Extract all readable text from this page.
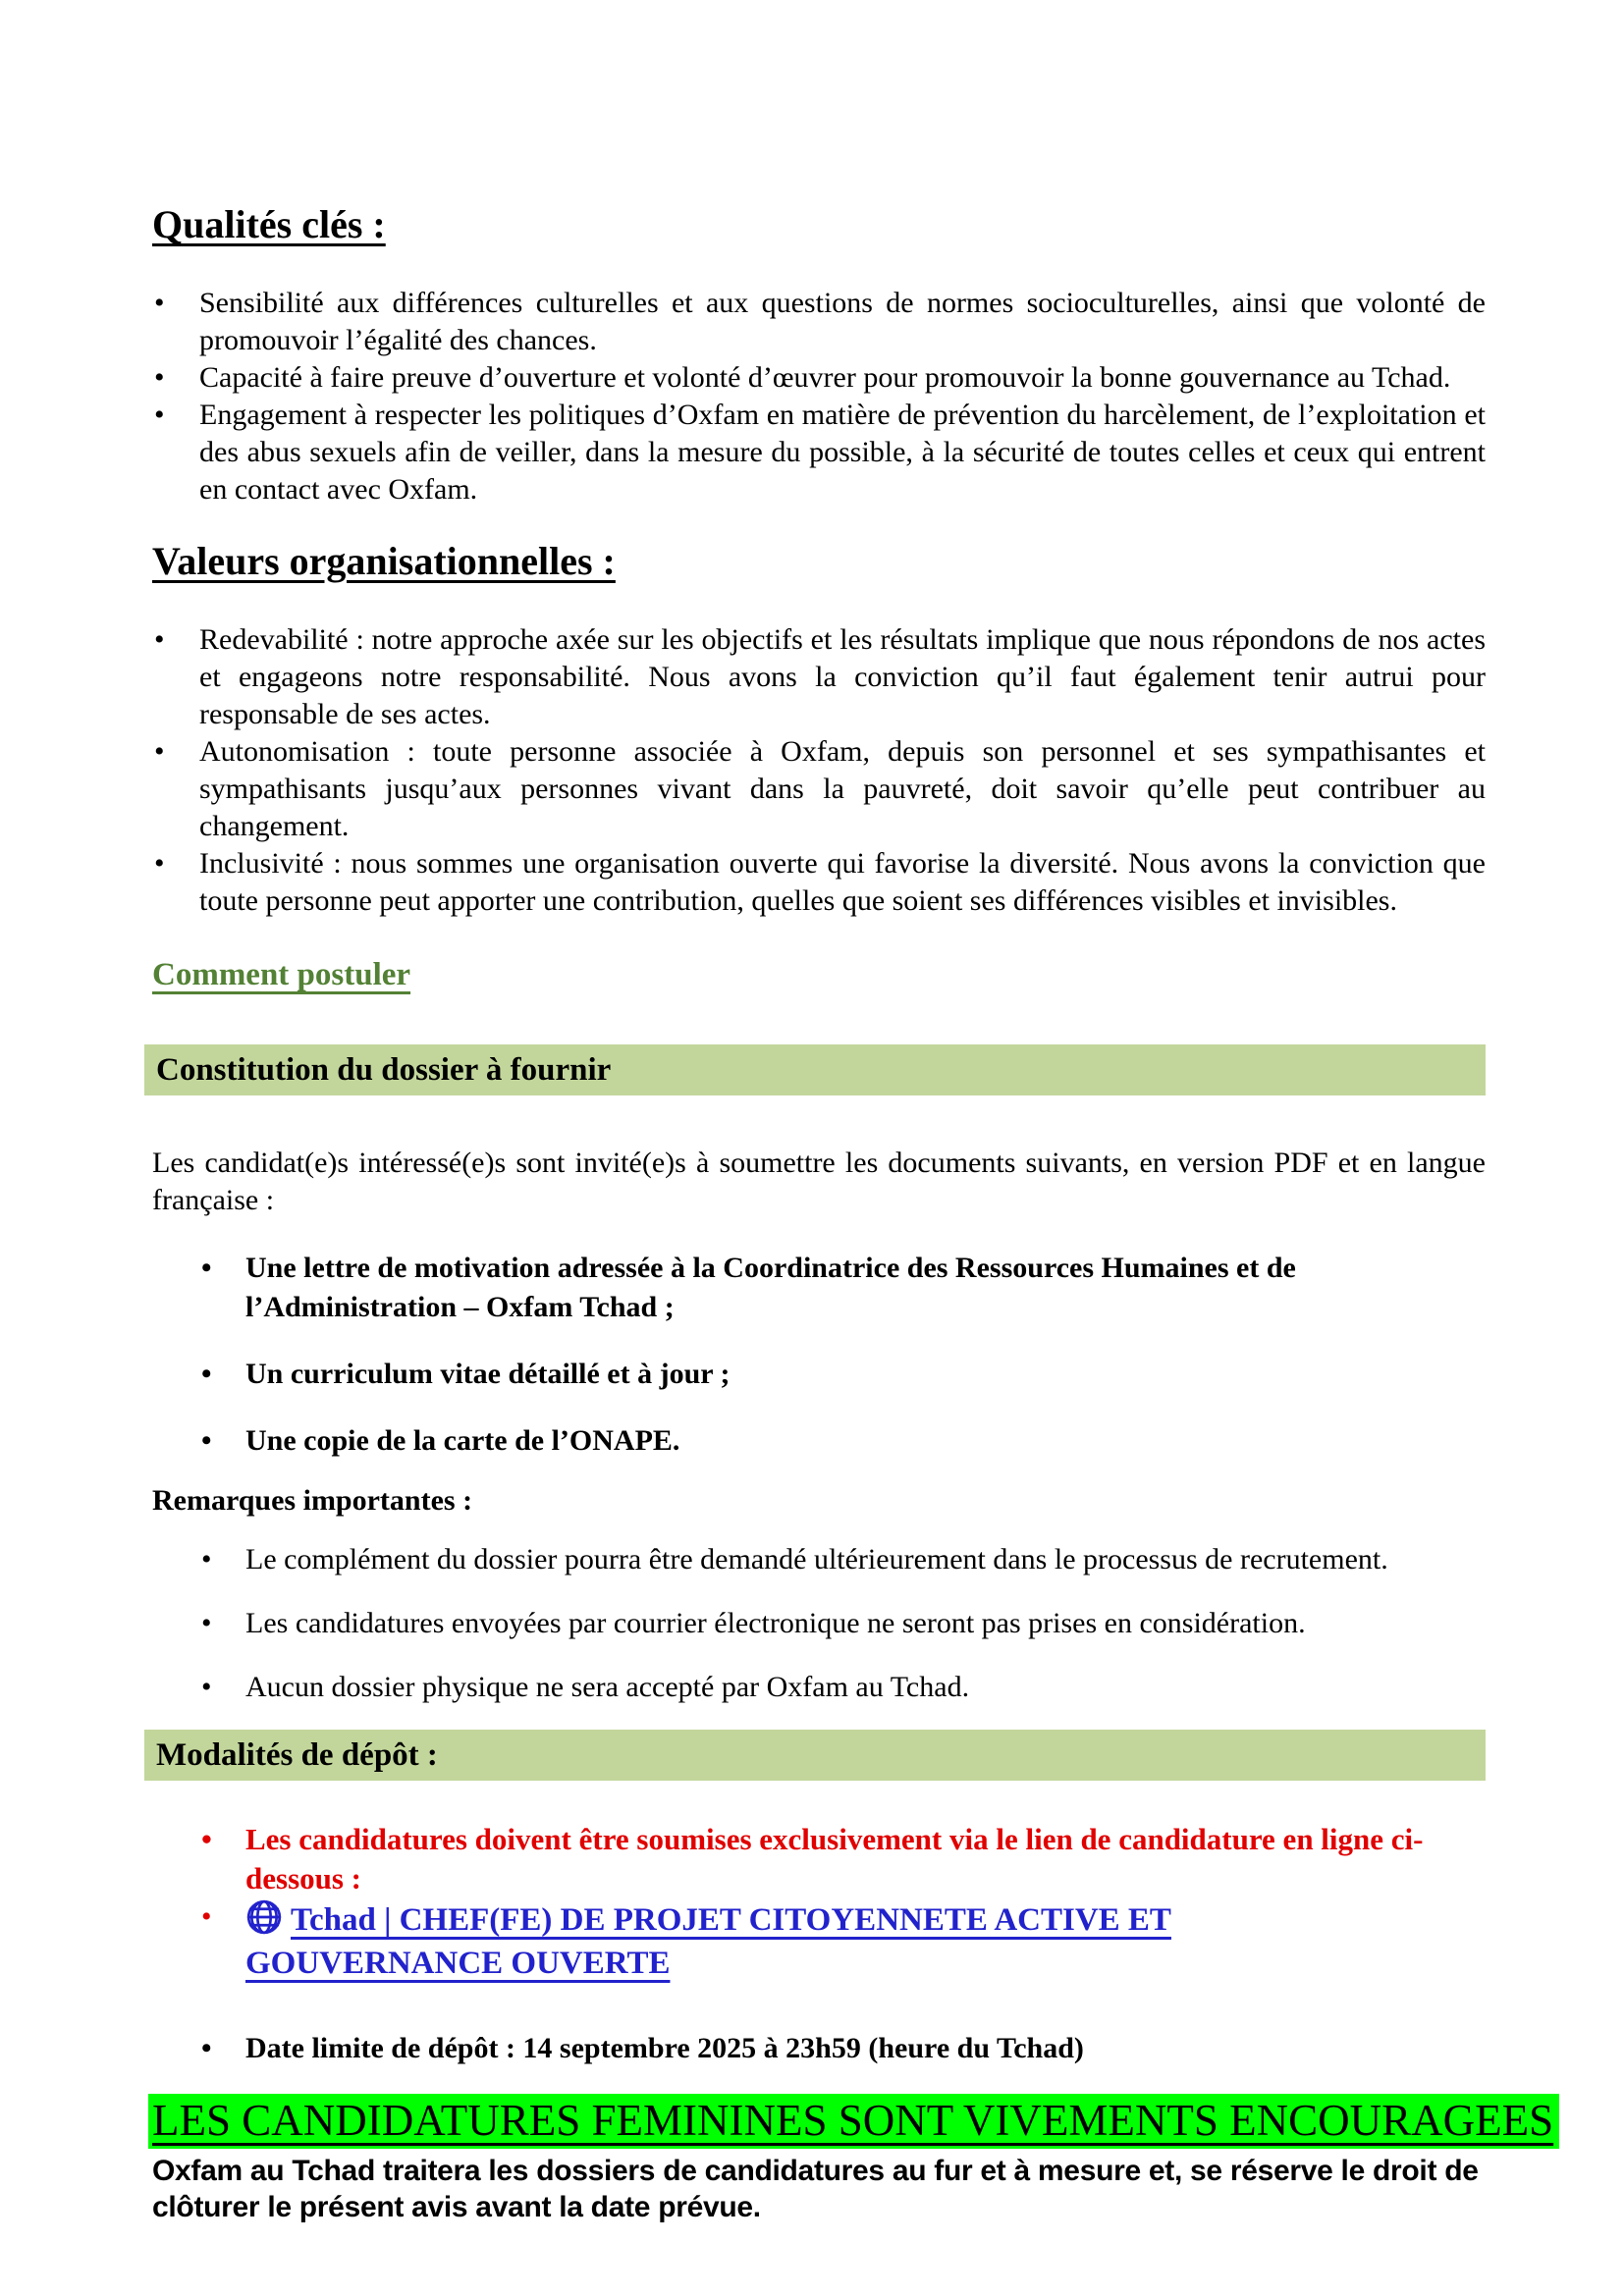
Qualités clés :
• Sensibilité aux différences culturelles et aux questions de normes socioculturelles, ainsi que volonté de promouvoir l’égalité des chances.
• Capacité à faire preuve d’ouverture et volonté d’œuvrer pour promouvoir la bonne gouvernance au Tchad.
• Engagement à respecter les politiques d’Oxfam en matière de prévention du harcèlement, de l’exploitation et des abus sexuels afin de veiller, dans la mesure du possible, à la sécurité de toutes celles et ceux qui entrent en contact avec Oxfam.
Valeurs organisationnelles :
• Redevabilité : notre approche axée sur les objectifs et les résultats implique que nous répondons de nos actes et engageons notre responsabilité. Nous avons la conviction qu’il faut également tenir autrui pour responsable de ses actes.
• Autonomisation : toute personne associée à Oxfam, depuis son personnel et ses sympathisantes et sympathisants jusqu’aux personnes vivant dans la pauvreté, doit savoir qu’elle peut contribuer au changement.
• Inclusivité : nous sommes une organisation ouverte qui favorise la diversité. Nous avons la conviction que toute personne peut apporter une contribution, quelles que soient ses différences visibles et invisibles.

Comment postuler

Constitution du dossier à fournir

Les candidat(e)s intéressé(e)s sont invité(e)s à soumettre les documents suivants, en version PDF et en langue française :

• Une lettre de motivation adressée à la Coordinatrice des Ressources Humaines et de l’Administration – Oxfam Tchad ;
• Un curriculum vitae détaillé et à jour ;
• Une copie de la carte de l’ONAPE.

Remarques importantes :

• Le complément du dossier pourra être demandé ultérieurement dans le processus de recrutement.
• Les candidatures envoyées par courrier électronique ne seront pas prises en considération.
• Aucun dossier physique ne sera accepté par Oxfam au Tchad.
Modalités de dépôt :
• Les candidatures doivent être soumises exclusivement via le lien de candidature en ligne ci-dessous :
•
Tchad | CHEF(FE) DE PROJET CITOYENNETE ACTIVE ET GOUVERNANCE OUVERTE
• Date limite de dépôt : 14 septembre 2025 à 23h59 (heure du Tchad)
LES CANDIDATURES FEMININES SONT VIVEMENTS ENCOURAGEES

Oxfam au Tchad traitera les dossiers de candidatures au fur et à mesure et, se réserve le droit de clôturer le présent avis avant la date prévue.
